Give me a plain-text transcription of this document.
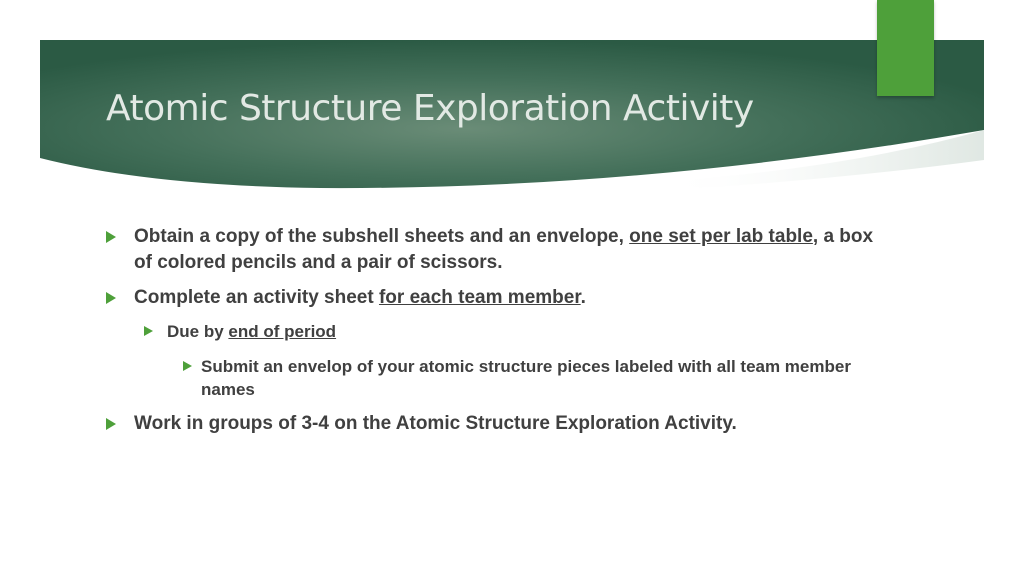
Atomic Structure Exploration Activity
Obtain a copy of the subshell sheets and an envelope, one set per lab table, a box of colored pencils and a pair of scissors.
Complete an activity sheet for each team member.
Due by end of period
Submit an envelop of your atomic structure pieces labeled with all team member names
Work in groups of 3-4 on the Atomic Structure Exploration Activity.
